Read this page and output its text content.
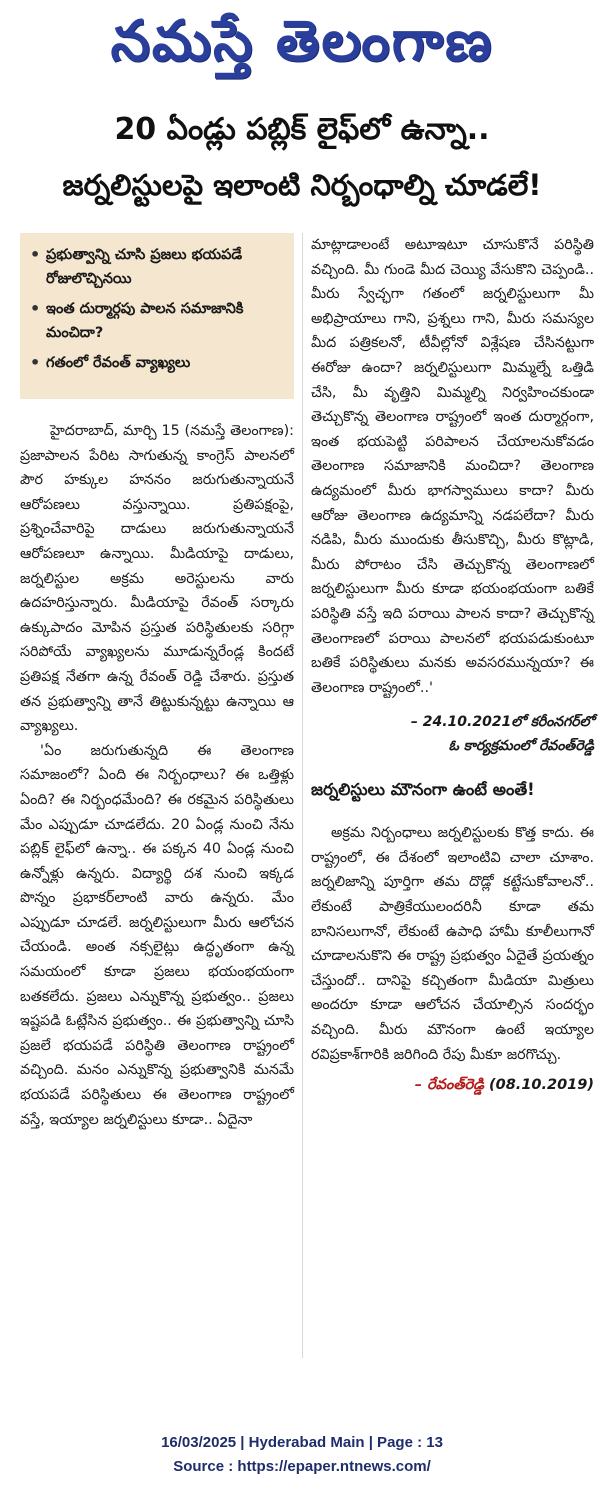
నమస్తే తెలంగాణ
20 ఏండ్లు పబ్లిక్ లైఫ్‌లో ఉన్నా..
జర్నలిస్టులపై ఇలాంటి నిర్బంధాల్ని చూడలే!
• ప్రభుత్వాన్ని చూసి ప్రజలు భయపడే రోజులొచ్చినయి
• ఇంత దుర్మార్గపు పాలన సమాజానికి మంచిదా?
• గతంలో రేవంత్ వ్యాఖ్యలు

హైదరాబాద్, మార్చి 15 (నమస్తే తెలంగాణ): ప్రజాపాలన పేరిట సాగుతున్న కాంగ్రెస్ పాలనలో పౌర హక్కుల హననం జరుగుతున్నాయనే ఆరోపణలు వస్తున్నాయి. ప్రతిపక్షంపై, ప్రశ్నించేవారిపై దాడులు జరుగుతున్నాయనే ఆరోపణలూ ఉన్నాయి. మీడియాపై దాడులు, జర్నలిస్టుల అక్రమ అరెస్టులను వారు ఉదహరిస్తున్నారు. మీడియాపై రేవంత్ సర్కారు ఉక్కుపాదం మోపిన ప్రస్తుత పరిస్థితులకు సరిగ్గా సరిపోయే వ్యాఖ్యలను మూడున్నరేండ్ల కిందటే ప్రతిపక్ష నేతగా ఉన్న రేవంత్ రెడ్డి చేశారు. ప్రస్తుత తన ప్రభుత్వాన్ని తానే తిట్టుకున్నట్టు ఉన్నాయి ఆ వ్యాఖ్యలు.

'ఏం జరుగుతున్నది ఈ తెలంగాణ సమాజంలో? ఏంది ఈ నిర్బంధాలు? ఈ ఒత్తిళ్లు ఏంది? ఈ నిర్బంధమేంది? ఈ రకమైన పరిస్థితులు మేం ఎప్పుడూ చూడలేదు. 20 ఏండ్ల నుంచి నేను పబ్లిక్ లైఫ్‌లో ఉన్నా.. ఈ పక్కన 40 ఏండ్ల నుంచి ఉన్నోళ్లు ఉన్నరు. విద్యార్థి దశ నుంచి ఇక్కడ పొన్నం ప్రభాకర్‌లాంటి వారు ఉన్నరు. మేం ఎప్పుడూ చూడలే. జర్నలిస్టులుగా మీరు ఆలోచన చేయండి. అంత నక్సలైట్లు ఉద్ధృతంగా ఉన్న సమయంలో కూడా ప్రజలు భయంభయంగా బతకలేదు. ప్రజలు ఎన్నుకొన్న ప్రభుత్వం.. ప్రజలు ఇష్టపడి ఓట్లేసిన ప్రభుత్వం.. ఈ ప్రభుత్వాన్ని చూసి ప్రజలే భయపడే పరిస్థితి తెలంగాణ రాష్ట్రంలో వచ్చింది. మనం ఎన్నుకొన్న ప్రభుత్వానికి మనమే భయపడే పరిస్థితులు ఈ తెలంగాణ రాష్ట్రంలో వస్తే, ఇయ్యాల జర్నలిస్టులు కూడా.. ఏదైనా

మాట్లాడాలంటే అటూఇటూ చూసుకొనే పరిస్థితి వచ్చింది. మీ గుండె మీద చెయ్యి వేసుకొని చెప్పండి.. మీరు స్వేచ్ఛగా గతంలో జర్నలిస్టులుగా మీ అభిప్రాయాలు గాని, ప్రశ్నలు గాని, మీరు సమస్యల మీద పత్రికలనో, టీవీల్లోనో విశ్లేషణ చేసినట్టుగా ఈరోజు ఉందా? జర్నలిస్టులుగా మిమ్మల్నే ఒత్తిడి చేసి, మీ వృత్తిని మిమ్మల్ని నిర్వహించకుండా తెచ్చుకొన్న తెలంగాణ రాష్ట్రంలో ఇంత దుర్మార్గంగా, ఇంత భయపెట్టి పరిపాలన చేయాలనుకోవడం తెలంగాణ సమాజానికి మంచిదా? తెలంగాణ ఉద్యమంలో మీరు భాగస్వాములు కాదా? మీరు ఆరోజు తెలంగాణ ఉద్యమాన్ని నడపలేదా? మీరు నడిపి, మీరు ముందుకు తీసుకొచ్చి, మీరు కొట్లాడి, మీరు పోరాటం చేసి తెచ్చుకొన్న తెలంగాణలో జర్నలిస్టులుగా మీరు కూడా భయంభయంగా బతికే పరిస్థితి వస్తే ఇది పరాయి పాలన కాదా? తెచ్చుకొన్న తెలంగాణలో పరాయి పాలనలో భయపడుకుంటూ బతికే పరిస్థితులు మనకు అవసరమున్నయా? ఈ తెలంగాణ రాష్ట్రంలో..'

– 24.10.2021లో కరీంనగర్‌లో
ఓ కార్యక్రమంలో రేవంత్‌రెడ్డి
జర్నలిస్టులు మౌనంగా ఉంటే అంతే!

అక్రమ నిర్బంధాలు జర్నలిస్టులకు కొత్త కాదు. ఈ రాష్ట్రంలో, ఈ దేశంలో ఇలాంటివి చాలా చూశాం. జర్నలిజాన్ని పూర్తిగా తమ దొడ్లో కట్టేసుకోవాలనో.. లేకుంటే పాత్రికేయులందరినీ కూడా తమ బానిసలుగానో, లేకుంటే ఉపాధి హామీ కూలీలుగానో చూడాలనుకొని ఈ రాష్ట్ర ప్రభుత్వం ఏదైతే ప్రయత్నం చేస్తుందో.. దానిపై కచ్చితంగా మీడియా మిత్రులు అందరూ కూడా ఆలోచన చేయాల్సిన సందర్భం వచ్చింది. మీరు మౌనంగా ఉంటే ఇయ్యాల రవిప్రకాశ్‌గారికి జరిగింది రేపు మీకూ జరగొచ్చు.

– రేవంత్‌రెడ్డి (08.10.2019)
16/03/2025 | Hyderabad Main | Page : 13
Source : https://epaper.ntnews.com/
